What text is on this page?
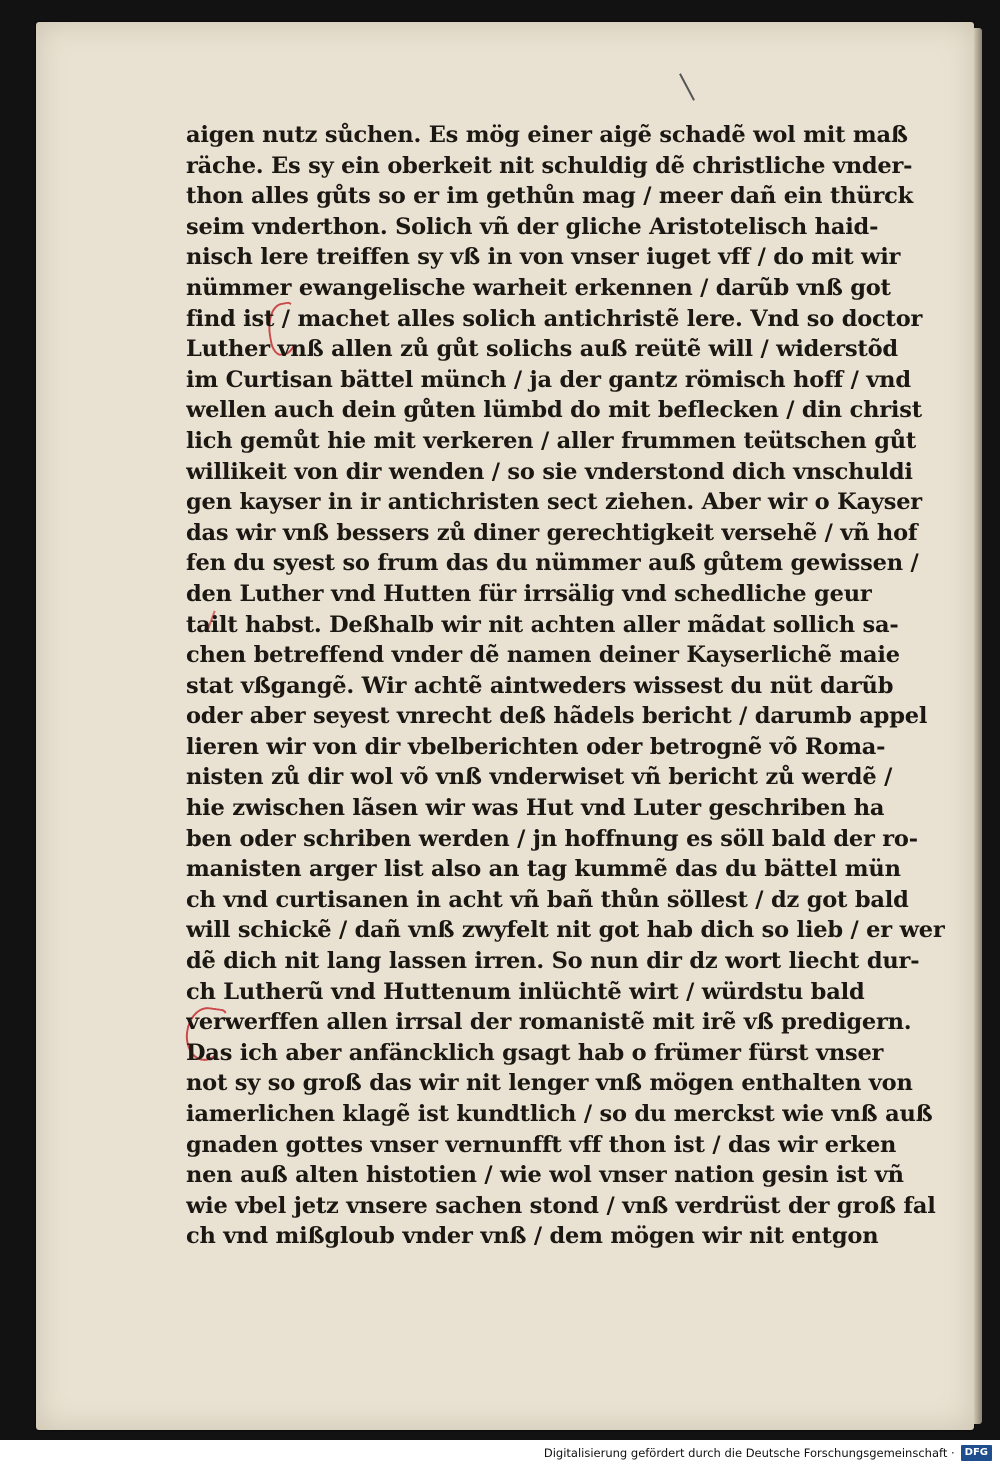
aigen nutz sůchen. Es mög einer aigẽ schadẽ wol mit maß
räche. Es sy ein oberkeit nit schuldig dẽ christliche vnder-
thon alles gůts so er im gethůn mag / meer dañ ein thürck
seim vnderthon. Solich vñ der gliche Aristotelisch haid-
nisch lere treiffen sy vß in von vnser iuget vff / do mit wir
nümmer ewangelische warheit erkennen / darũb vnß got
find ist / machet alles solich antichristẽ lere. Vnd so doctor
Luther vnß allen zů gůt solichs auß reütẽ will / widerstõd
im Curtisan bättel münch / ja der gantz römisch hoff / vnd
wellen auch dein gůten lümbd do mit beflecken / din christ
lich gemůt hie mit verkeren / aller frummen teütschen gůt
willikeit von dir wenden / so sie vnderstond dich vnschuldi
gen kayser in ir antichristen sect ziehen. Aber wir o Kayser
das wir vnß bessers zů diner gerechtigkeit versehẽ / vñ hof
fen du syest so frum das du nümmer auß gůtem gewissen /
den Luther vnd Hutten für irrsälig vnd schedliche geur
tailt habst. Deßhalb wir nit achten aller mãdat sollich sa-
chen betreffend vnder dẽ namen deiner Kayserlichẽ maie
stat vßgangẽ. Wir achtẽ aintweders wissest du nüt darũb
oder aber seyest vnrecht deß hãdels bericht / darumb appel
lieren wir von dir vbelberichten oder betrognẽ võ Roma-
nisten zů dir wol võ vnß vnderwiset vñ bericht zů werdẽ /
hie zwischen lãsen wir was Hut vnd Luter geschriben ha
ben oder schriben werden / jn hoffnung es söll bald der ro-
manisten arger list also an tag kummẽ das du bättel mün
ch vnd curtisanen in acht vñ bañ thůn söllest / dz got bald
will schickẽ / dañ vnß zwyfelt nit got hab dich so lieb / er wer
dẽ dich nit lang lassen irren. So nun dir dz wort liecht dur-
ch Lutherũ vnd Huttenum inlüchtẽ wirt / würdstu bald
verwerffen allen irrsal der romanistẽ mit irẽ vß predigern.
Das ich aber anfäncklich gsagt hab o frümer fürst vnser
not sy so groß das wir nit lenger vnß mögen enthalten von
iamerlichen klagẽ ist kundtlich / so du merckst wie vnß auß
gnaden gottes vnser vernunfft vff thon ist / das wir erken
nen auß alten histotien / wie wol vnser nation gesin ist vñ
wie vbel jetz vnsere sachen stond / vnß verdrüst der groß fal
ch vnd mißgloub vnder vnß / dem mögen wir nit entgon
Digitalisierung gefördert durch die Deutsche Forschungsgemeinschaft ·	DFG
